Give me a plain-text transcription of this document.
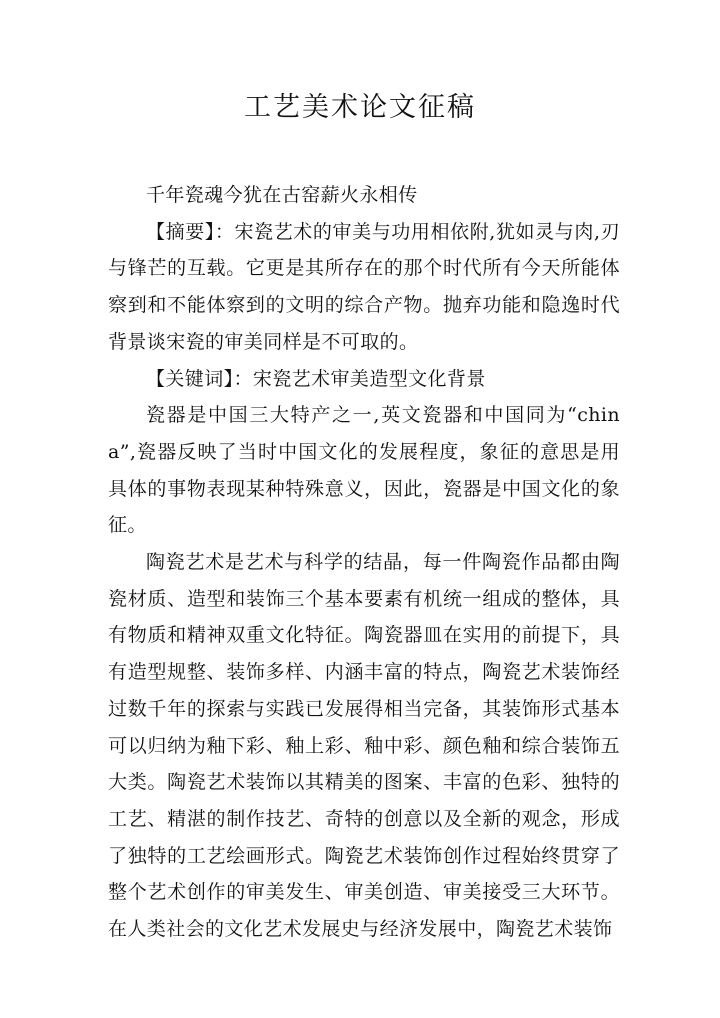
工艺美术论文征稿

千年瓷魂今犹在古窑薪火永相传

【摘要】：宋瓷艺术的审美与功用相依附,犹如灵与肉,刃与锋芒的互载。它更是其所存在的那个时代所有今天所能体察到和不能体察到的文明的综合产物。抛弃功能和隐逸时代背景谈宋瓷的审美同样是不可取的。

【关键词】：宋瓷艺术审美造型文化背景

瓷器是中国三大特产之一,英文瓷器和中国同为“china”,瓷器反映了当时中国文化的发展程度，象征的意思是用具体的事物表现某种特殊意义，因此，瓷器是中国文化的象征。

陶瓷艺术是艺术与科学的结晶，每一件陶瓷作品都由陶瓷材质、造型和装饰三个基本要素有机统一组成的整体，具有物质和精神双重文化特征。陶瓷器皿在实用的前提下，具有造型规整、装饰多样、内涵丰富的特点，陶瓷艺术装饰经过数千年的探索与实践已发展得相当完备，其装饰形式基本可以归纳为釉下彩、釉上彩、釉中彩、颜色釉和综合装饰五大类。陶瓷艺术装饰以其精美的图案、丰富的色彩、独特的工艺、精湛的制作技艺、奇特的创意以及全新的观念，形成了独特的工艺绘画形式。陶瓷艺术装饰创作过程始终贯穿了整个艺术创作的审美发生、审美创造、审美接受三大环节。在人类社会的文化艺术发展史与经济发展中，陶瓷艺术装饰
